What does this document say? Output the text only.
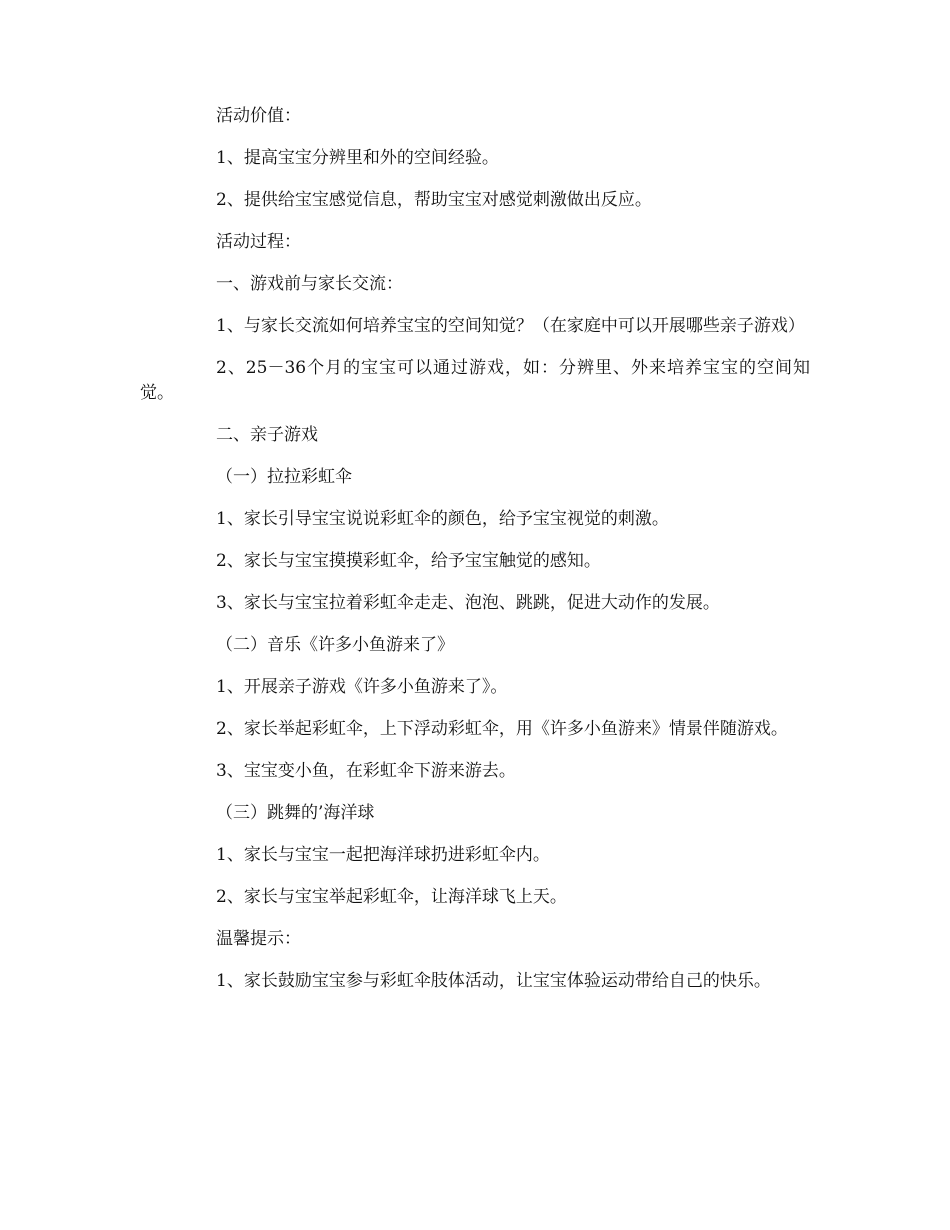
活动价值：

1、提高宝宝分辨里和外的空间经验。

2、提供给宝宝感觉信息，帮助宝宝对感觉刺激做出反应。

活动过程：

一、游戏前与家长交流：

1、与家长交流如何培养宝宝的空间知觉？（在家庭中可以开展哪些亲子游戏）

2、25－36个月的宝宝可以通过游戏，如：分辨里、外来培养宝宝的空间知觉。

二、亲子游戏

（一）拉拉彩虹伞

1、家长引导宝宝说说彩虹伞的颜色，给予宝宝视觉的刺激。

2、家长与宝宝摸摸彩虹伞，给予宝宝触觉的感知。

3、家长与宝宝拉着彩虹伞走走、泡泡、跳跳，促进大动作的发展。

（二）音乐《许多小鱼游来了》

1、开展亲子游戏《许多小鱼游来了》。

2、家长举起彩虹伞，上下浮动彩虹伞，用《许多小鱼游来》情景伴随游戏。

3、宝宝变小鱼，在彩虹伞下游来游去。

（三）跳舞的’海洋球

1、家长与宝宝一起把海洋球扔进彩虹伞内。

2、家长与宝宝举起彩虹伞，让海洋球飞上天。

温馨提示：

1、家长鼓励宝宝参与彩虹伞肢体活动，让宝宝体验运动带给自己的快乐。
